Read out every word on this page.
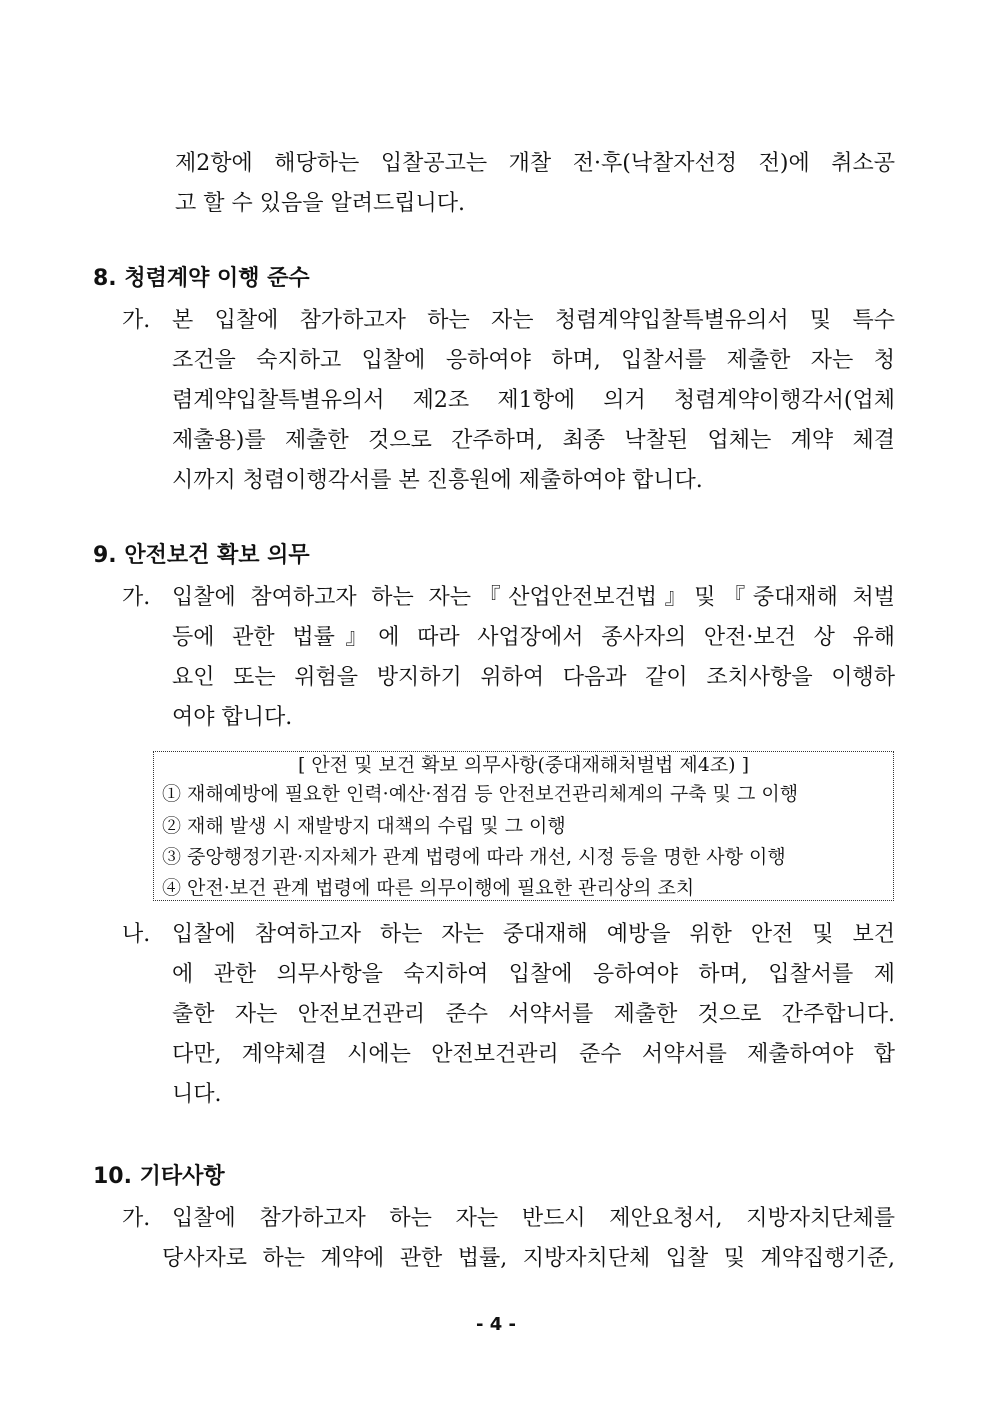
제2항에 해당하는 입찰공고는 개찰 전·후(낙찰자선정 전)에 취소공
고 할 수 있음을 알려드립니다.
8. 청렴계약 이행 준수
가. 본 입찰에 참가하고자 하는 자는 청렴계약입찰특별유의서 및 특수
조건을 숙지하고 입찰에 응하여야 하며, 입찰서를 제출한 자는 청
렴계약입찰특별유의서 제2조 제1항에 의거 청렴계약이행각서(업체
제출용)를 제출한 것으로 간주하며, 최종 낙찰된 업체는 계약 체결
시까지 청렴이행각서를 본 진흥원에 제출하여야 합니다.
9. 안전보건 확보 의무
가. 입찰에 참여하고자 하는 자는『산업안전보건법』및『중대재해 처벌
등에 관한 법률』에 따라 사업장에서 종사자의 안전·보건 상 유해
요인 또는 위험을 방지하기 위하여 다음과 같이 조치사항을 이행하
여야 합니다.
[ 안전 및 보건 확보 의무사항(중대재해처벌법 제4조) ]
① 재해예방에 필요한 인력·예산·점검 등 안전보건관리체계의 구축 및 그 이행
② 재해 발생 시 재발방지 대책의 수립 및 그 이행
③ 중앙행정기관·지자체가 관계 법령에 따라 개선, 시정 등을 명한 사항 이행
④ 안전·보건 관계 법령에 따른 의무이행에 필요한 관리상의 조치
나. 입찰에 참여하고자 하는 자는 중대재해 예방을 위한 안전 및 보건
에 관한 의무사항을 숙지하여 입찰에 응하여야 하며, 입찰서를 제
출한 자는 안전보건관리 준수 서약서를 제출한 것으로 간주합니다.
다만, 계약체결 시에는 안전보건관리 준수 서약서를 제출하여야 합
니다.
10. 기타사항
가. 입찰에 참가하고자 하는 자는 반드시 제안요청서, 지방자치단체를
당사자로 하는 계약에 관한 법률, 지방자치단체 입찰 및 계약집행기준,
- 4 -
